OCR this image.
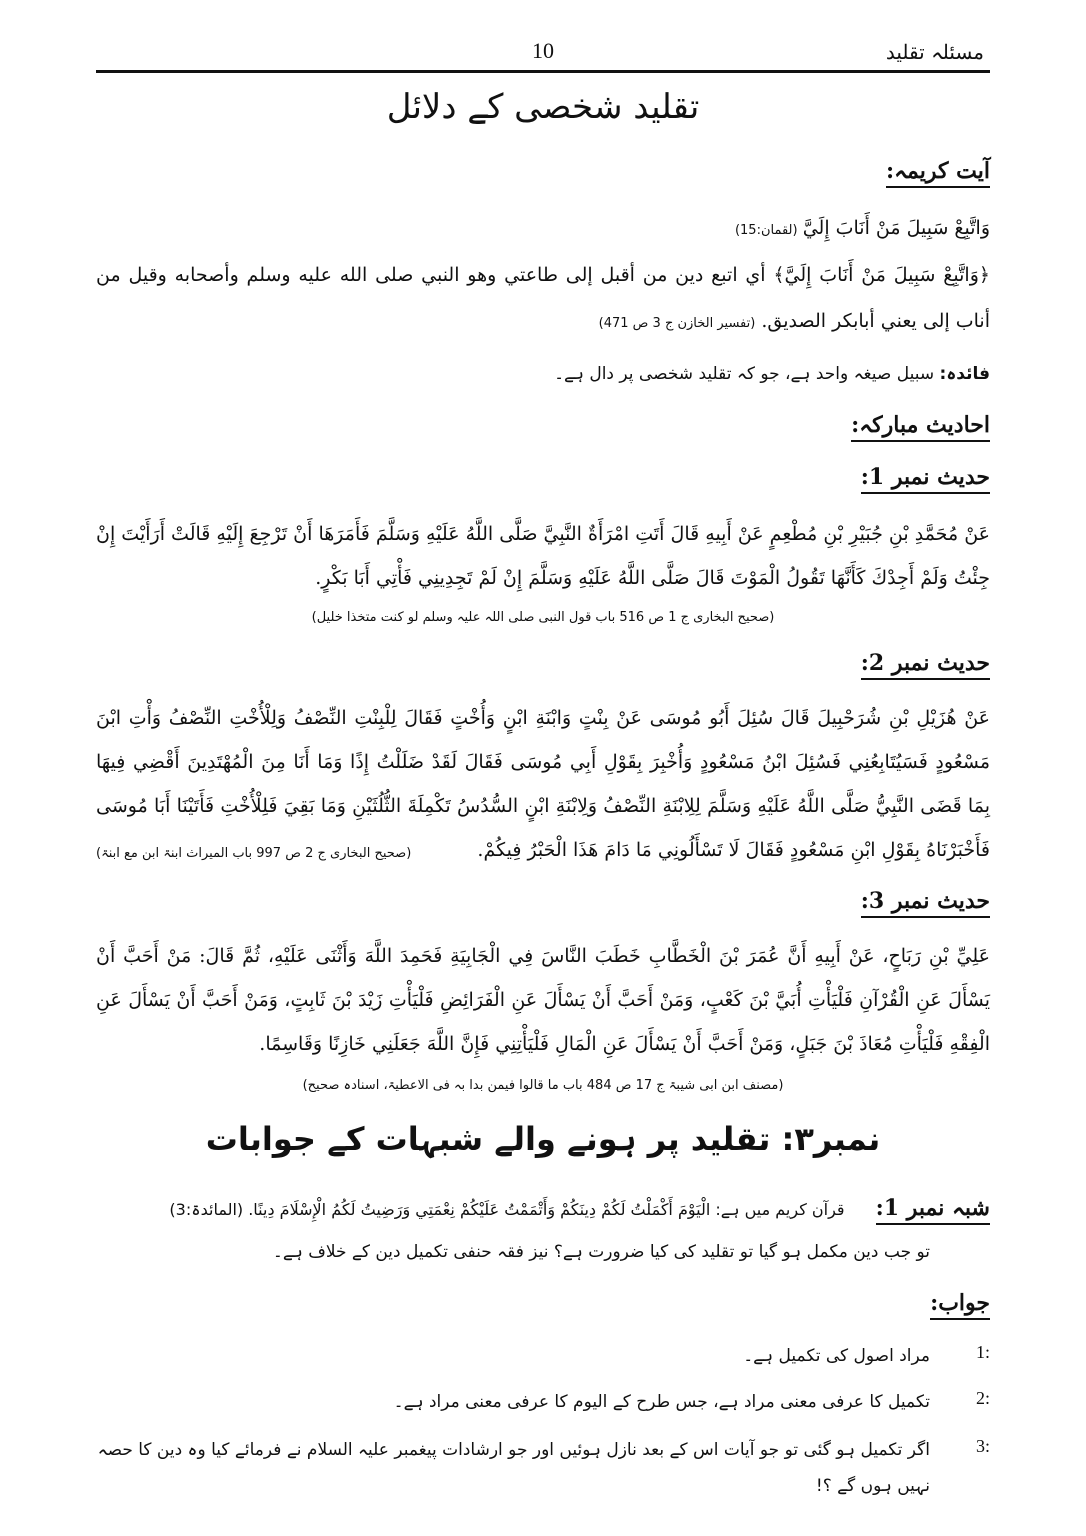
مسئلہ تقلید
10
تقلید شخصی کے دلائل
آیت کریمہ:
وَاتَّبِعْ سَبِيلَ مَنْ أَنَابَ إِلَيَّ (لقمان:15)
﴿وَاتَّبِعْ سَبِيلَ مَنْ أَنَابَ إِلَيَّ﴾ أي اتبع دين من أقبل إلى طاعتي وهو النبي صلى الله عليه وسلم وأصحابه وقيل من أناب إلى يعني أبابكر الصديق. (تفسیر الخازن ج 3 ص 471)
فائدہ: سبیل صیغہ واحد ہے، جو کہ تقلید شخصی پر دال ہے۔
احادیث مبارکہ:
حدیث نمبر 1:
عَنْ مُحَمَّدِ بْنِ جُبَيْرِ بْنِ مُطْعِمٍ عَنْ أَبِيهِ قَالَ أَتَتِ امْرَأَةٌ النَّبِيَّ صَلَّى اللَّهُ عَلَيْهِ وَسَلَّمَ فَأَمَرَهَا أَنْ تَرْجِعَ إِلَيْهِ قَالَتْ أَرَأَيْتَ إِنْ جِئْتُ وَلَمْ أَجِدْكَ كَأَنَّهَا تَقُولُ الْمَوْتَ قَالَ صَلَّى اللَّهُ عَلَيْهِ وَسَلَّمَ إِنْ لَمْ تَجِدِينِي فَأْتِي أَبَا بَكْرٍ.
(صحیح البخاری ج 1 ص 516 باب قول النبی صلی اللہ علیہ وسلم لو کنت متخذا خلیل)
حدیث نمبر 2:
عَنْ هُزَيْلِ بْنِ شُرَحْبِيلَ قَالَ سُئِلَ أَبُو مُوسَى عَنْ بِنْتٍ وَابْنَةِ ابْنٍ وَأُخْتٍ فَقَالَ لِلْبِنْتِ النِّصْفُ وَلِلْأُخْتِ النِّصْفُ وَأْتِ ابْنَ مَسْعُودٍ فَسَيُتَابِعُنِي فَسُئِلَ ابْنُ مَسْعُودٍ وَأُخْبِرَ بِقَوْلِ أَبِي مُوسَى فَقَالَ لَقَدْ ضَلَلْتُ إِذًا وَمَا أَنَا مِنَ الْمُهْتَدِينَ أَقْضِي فِيهَا بِمَا قَضَى النَّبِيُّ صَلَّى اللَّهُ عَلَيْهِ وَسَلَّمَ لِلِابْنَةِ النِّصْفُ وَلِابْنَةِ ابْنٍ السُّدُسُ تَكْمِلَةَ الثُّلُثَيْنِ وَمَا بَقِيَ فَلِلْأُخْتِ فَأَتَيْنَا أَبَا مُوسَى فَأَخْبَرْنَاهُ بِقَوْلِ ابْنِ مَسْعُودٍ فَقَالَ لَا تَسْأَلُونِي مَا دَامَ هَذَا الْحَبْرُ فِيكُمْ.
(صحیح البخاری ج 2 ص 997 باب المیراث ابنۃ ابن مع ابنۃ)
حدیث نمبر 3:
عَلِيِّ بْنِ رَبَاحٍ، عَنْ أَبِيهِ أَنَّ عُمَرَ بْنَ الْخَطَّابِ خَطَبَ النَّاسَ فِي الْجَابِيَةِ فَحَمِدَ اللَّهَ وَأَثْنَى عَلَيْهِ، ثُمَّ قَالَ: مَنْ أَحَبَّ أَنْ يَسْأَلَ عَنِ الْقُرْآنِ فَلْيَأْتِ أُبَيَّ بْنَ كَعْبٍ، وَمَنْ أَحَبَّ أَنْ يَسْأَلَ عَنِ الْفَرَائِضِ فَلْيَأْتِ زَيْدَ بْنَ ثَابِتٍ، وَمَنْ أَحَبَّ أَنْ يَسْأَلَ عَنِ الْفِقْهِ فَلْيَأْتِ مُعَاذَ بْنَ جَبَلٍ، وَمَنْ أَحَبَّ أَنْ يَسْأَلَ عَنِ الْمَالِ فَلْيَأْتِنِي فَإِنَّ اللَّهَ جَعَلَنِي خَازِنًا وَقَاسِمًا.
(مصنف ابن ابی شیبۃ ج 17 ص 484 باب ما قالوا فیمن بدا بہ فی الاعطیۃ، اسنادہ صحیح)
نمبر۳: تقلید پر ہونے والے شبہات کے جوابات
شبہ نمبر 1: قرآن کریم میں ہے: الْيَوْمَ أَكْمَلْتُ لَكُمْ دِينَكُمْ وَأَتْمَمْتُ عَلَيْكُمْ نِعْمَتِي وَرَضِيتُ لَكُمُ الْإِسْلَامَ دِينًا. (المائدۃ:3)
تو جب دین مکمل ہو گیا تو تقلید کی کیا ضرورت ہے؟ نیز فقہ حنفی تکمیل دین کے خلاف ہے۔
جواب:
1:
مراد اصول کی تکمیل ہے۔
2:
تکمیل کا عرفی معنی مراد ہے، جس طرح کے الیوم کا عرفی معنی مراد ہے۔
3:
اگر تکمیل ہو گئی تو جو آیات اس کے بعد نازل ہوئیں اور جو ارشادات پیغمبر علیہ السلام نے فرمائے کیا وہ دین کا حصہ نہیں ہوں گے ؟!
